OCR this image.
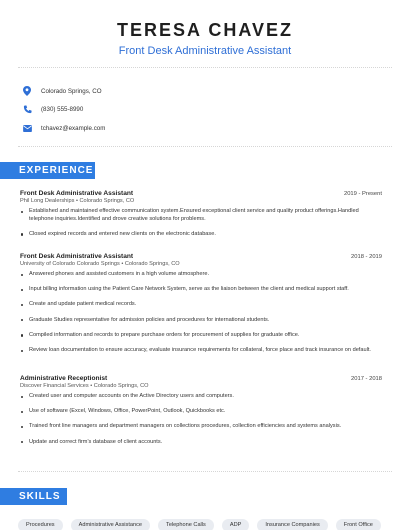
TERESA CHAVEZ
Front Desk Administrative Assistant
Colorado Springs, CO
(830) 555-8990
tchavez@example.com
EXPERIENCE
Front Desk Administrative Assistant	2019 - Present
Phil Long Dealerships • Colorado Springs, CO
Established and maintained effective communication system.Ensured exceptional client service and quality product offerings.Handled telephone inquiries.Identified and drove creative solutions for problems.
Closed expired records and entered new clients on the electronic database.
Front Desk Administrative Assistant	2018 - 2019
University of Colorado Colorado Springs • Colorado Springs, CO
Answered phones and assisted customers in a high volume atmosphere.
Input billing information using the Patient Care Network System, serve as the liaison between the client and medical support staff.
Create and update patient medical records.
Graduate Studies representative for admission policies and procedures for international students.
Compiled information and records to prepare purchase orders for procurement of supplies for graduate office.
Review loan documentation to ensure accuracy, evaluate insurance requirements for collateral, force place and track insurance on default.
Administrative Receptionist	2017 - 2018
Discover Financial Services • Colorado Springs, CO
Created user and computer accounts on the Active Directory users and computers.
Use of software (Excel, Windows, Office, PowerPoint, Outlook, Quickbooks etc.
Trained front line managers and department managers on collections procedures, collection efficiencies and systems analysis.
Update and correct firm's database of client accounts.
SKILLS
Procedures	Administrative Assistance	Telephone Calls	ADP	Insurance Companies	Front Office
